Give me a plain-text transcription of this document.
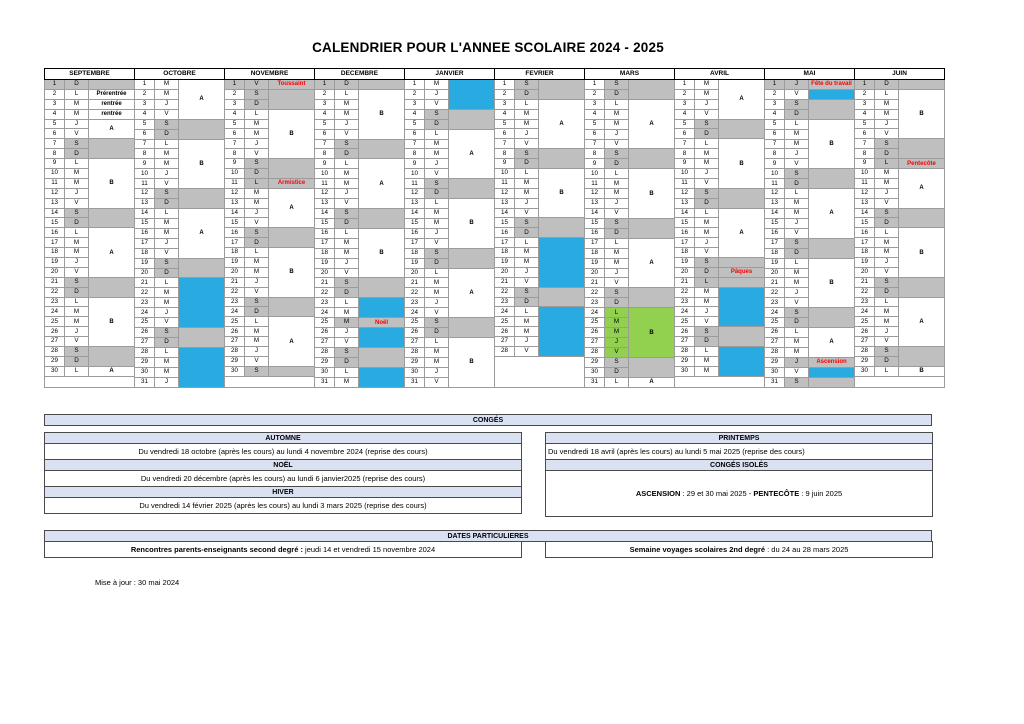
CALENDRIER POUR L'ANNEE SCOLAIRE 2024 - 2025
SEPTEMBRE		
1	D	
2	L	Prérentrée
3	M	rentrée
4	M	rentrée
5	J	A
6	V	
7	S	
8	D	
9	L	B
10	M	
11	M	
12	J	
13	V	
14	S	
15	D	
16	L	A
17	M	
18	M	
19	J	
20	V	
21	S	
22	D	
23	L	B
24	M	
25	M	
26	J	
27	V	
28	S	
29	D	
30	L	A

OCTOBRE		
1	M	A
2	M	
3	J	
4	V	
5	S	
6	D	
7	L	B
8	M	
9	M	
10	J	
11	V	
12	S	
13	D	
14	L	A
15	M	
16	M	
17	J	
18	V	
19	S	
20	D	
21	L	
22	M	
23	M	
24	J	
25	V	
26	S	
27	D	
28	L	
29	M	
30	M	
31	J	
NOVEMBRE		
1	V	Toussaint
2	S	
3	D	
4	L	B
5	M	
6	M	
7	J	
8	V	
9	S	
10	D	
11	L	Armistice
12	M	A
13	M	
14	J	
15	V	
16	S	
17	D	
18	L	B
19	M	
20	M	
21	J	
22	V	
23	S	
24	D	
25	L	A
26	M	
27	M	
28	J	
29	V	
30	S	

DECEMBRE		
1	D	
2	L	B
3	M	
4	M	
5	J	
6	V	
7	S	
8	D	
9	L	A
10	M	
11	M	
12	J	
13	V	
14	S	
15	D	
16	L	B
17	M	
18	M	
19	J	
20	V	
21	S	
22	D	
23	L	
24	M	
25	M	Noël
26	J	
27	V	
28	S	
29	D	
30	L	
31	M	
JANVIER		
1	M	
2	J	
3	V	
4	S	
5	D	
6	L	A
7	M	
8	M	
9	J	
10	V	
11	S	
12	D	
13	L	B
14	M	
15	M	
16	J	
17	V	
18	S	
19	D	
20	L	A
21	M	
22	M	
23	J	
24	V	
25	S	
26	D	
27	L	B
28	M	
29	M	
30	J	
31	V	
FEVRIER		
1	S	
2	D	
3	L	A
4	M	
5	M	
6	J	
7	V	
8	S	
9	D	
10	L	B
11	M	
12	M	
13	J	
14	V	
15	S	
16	D	
17	L	
18	M	
19	M	
20	J	
21	V	
22	S	
23	D	
24	L	
25	M	
26	M	
27	J	
28	V	

MARS		
1	S	
2	D	
3	L	A
4	M	
5	M	
6	J	
7	V	
8	S	
9	D	
10	L	B
11	M	
12	M	
13	J	
14	V	
15	S	
16	D	
17	L	A
18	M	
19	M	
20	J	
21	V	
22	S	
23	D	
24	L	B
25	M	
26	M	
27	J	
28	V	
29	S	
30	D	
31	L	A
AVRIL		
1	M	A
2	M	
3	J	
4	V	
5	S	
6	D	
7	L	B
8	M	
9	M	
10	J	
11	V	
12	S	
13	D	
14	L	A
15	M	
16	M	
17	J	
18	V	
19	S	
20	D	Pâques
21	L	
22	M	
23	M	
24	J	
25	V	
26	S	
27	D	
28	L	
29	M	
30	M	

MAI		
1	J	Fête du travail
2	V	
3	S	
4	D	
5	L	B
6	M	
7	M	
8	J	
9	V	
10	S	
11	D	
12	L	A
13	M	
14	M	
15	J	
16	V	
17	S	
18	D	
19	L	B
20	M	
21	M	
22	J	
23	V	
24	S	
25	D	
26	L	A
27	M	
28	M	
29	J	Ascension
30	V	
31	S	
JUIN		
1	D	
2	L	B
3	M	
4	M	
5	J	
6	V	
7	S	
8	D	
9	L	Pentecôte
10	M	A
11	M	
12	J	
13	V	
14	S	
15	D	
16	L	B
17	M	
18	M	
19	J	
20	V	
21	S	
22	D	
23	L	A
24	M	
25	M	
26	J	
27	V	
28	S	
29	D	
30	L	B

CONGÉS
AUTOMNE
Du vendredi 18 octobre (après les cours) au lundi 4 novembre 2024 (reprise des cours)
NOËL
Du vendredi 20 décembre (après les cours) au lundi 6 janvier2025 (reprise des cours)
HIVER
Du vendredi 14 février 2025 (après les cours) au lundi 3 mars 2025 (reprise des cours)
PRINTEMPS
Du vendredi 18 avril (après les cours) au lundi 5 mai 2025 (reprise des cours)
CONGÉS ISOLÉS
ASCENSION : 29 et 30 mai 2025 - PENTECÔTE : 9 juin 2025
DATES PARTICULIERES
Rencontres parents-enseignants second degré : jeudi 14 et vendredi 15 novembre 2024	Semaine voyages scolaires 2nd degré : du 24 au 28 mars 2025
Mise à jour : 30 mai 2024
